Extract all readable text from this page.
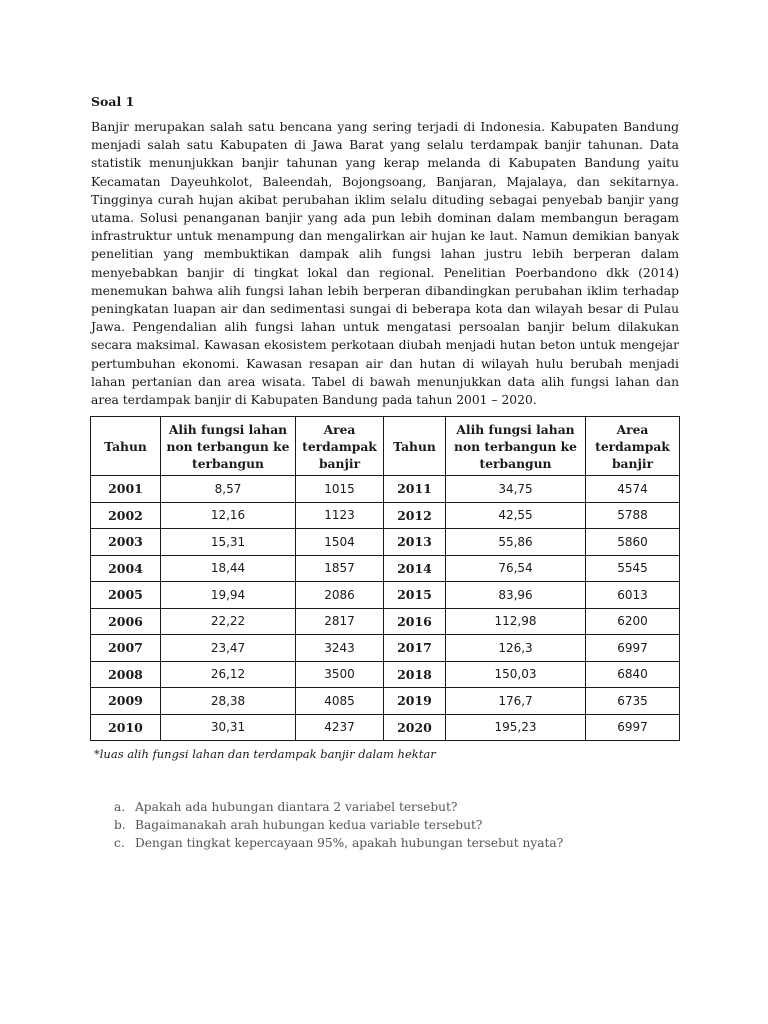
Soal 1

Banjir merupakan salah satu bencana yang sering terjadi di Indonesia. Kabupaten Bandung menjadi salah satu Kabupaten di Jawa Barat yang selalu terdampak banjir tahunan. Data statistik menunjukkan banjir tahunan yang kerap melanda di Kabupaten Bandung yaitu Kecamatan Dayeuhkolot, Baleendah, Bojongsoang, Banjaran, Majalaya, dan sekitarnya. Tingginya curah hujan akibat perubahan iklim selalu dituding sebagai penyebab banjir yang utama. Solusi penanganan banjir yang ada pun lebih dominan dalam membangun beragam infrastruktur untuk menampung dan mengalirkan air hujan ke laut. Namun demikian banyak penelitian yang membuktikan dampak alih fungsi lahan justru lebih berperan dalam menyebabkan banjir di tingkat lokal dan regional. Penelitian Poerbandono dkk (2014) menemukan bahwa alih fungsi lahan lebih berperan dibandingkan perubahan iklim terhadap peningkatan luapan air dan sedimentasi sungai di beberapa kota dan wilayah besar di Pulau Jawa. Pengendalian alih fungsi lahan untuk mengatasi persoalan banjir belum dilakukan secara maksimal. Kawasan ekosistem perkotaan diubah menjadi hutan beton untuk mengejar pertumbuhan ekonomi. Kawasan resapan air dan hutan di wilayah hulu berubah menjadi lahan pertanian dan area wisata. Tabel di bawah menunjukkan data alih fungsi lahan dan area terdampak banjir di Kabupaten Bandung pada tahun 2001 – 2020.

Tahun	Alih fungsi lahan non terbangun ke terbangun	Area terdampak banjir	Tahun	Alih fungsi lahan non terbangun ke terbangun	Area terdampak banjir
2001	8,57	1015	2011	34,75	4574
2002	12,16	1123	2012	42,55	5788
2003	15,31	1504	2013	55,86	5860
2004	18,44	1857	2014	76,54	5545
2005	19,94	2086	2015	83,96	6013
2006	22,22	2817	2016	112,98	6200
2007	23,47	3243	2017	126,3	6997
2008	26,12	3500	2018	150,03	6840
2009	28,38	4085	2019	176,7	6735
2010	30,31	4237	2020	195,23	6997
*luas alih fungsi lahan dan terdampak banjir dalam hektar
a. Apakah ada hubungan diantara 2 variabel tersebut?
b. Bagaimanakah arah hubungan kedua variable tersebut?
c. Dengan tingkat kepercayaan 95%, apakah hubungan tersebut nyata?
